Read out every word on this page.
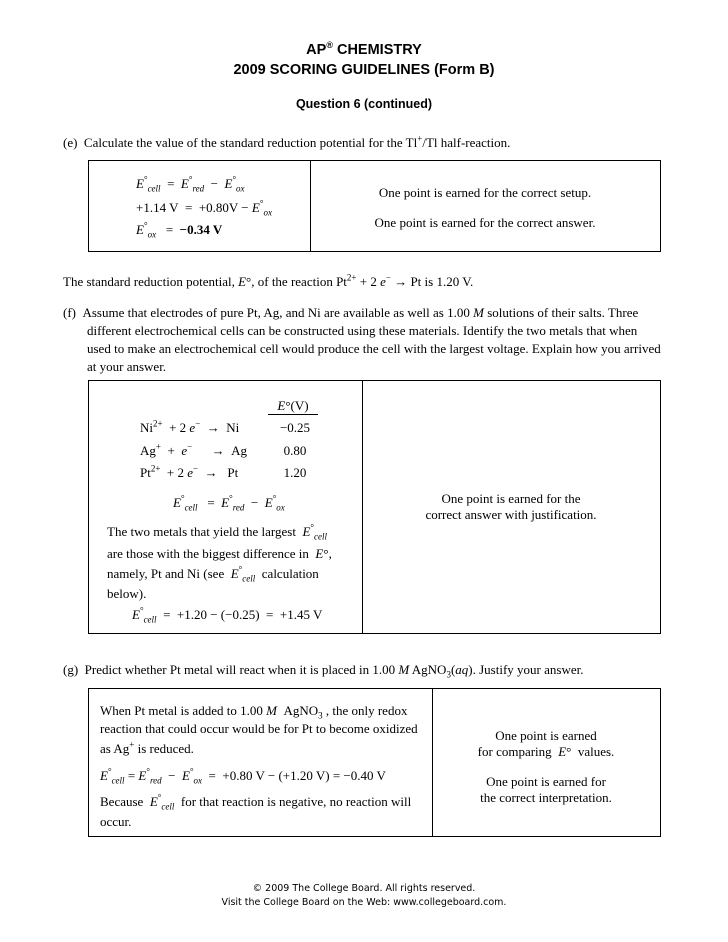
AP® CHEMISTRY
2009 SCORING GUIDELINES (Form B)
Question 6 (continued)
(e)  Calculate the value of the standard reduction potential for the Tl+/Tl half-reaction.
$E^\circ_{cell} = E^\circ_{red} - E^\circ_{ox}$
+1.14 $V = +0.80V - E^\circ_{ox}$
$E^\circ_{ox} = -0.34$ V
One point is earned for the correct setup.
One point is earned for the correct answer.
The standard reduction potential, E°, of the reaction $Pt^{2+} + 2$ e− → Pt is 1.20 V.
(f)  Assume that electrodes of pure Pt, Ag, and Ni are available as well as 1.00 M solutions of their salts. Three
different electrochemical cells can be constructed using these materials. Identify the two metals that when
used to make an electrochemical cell would produce the cell with the largest voltage. Explain how you arrived
at your answer.
E°(V)
$Ni^{2+} + 2$ e−  →  Ni	−0.25
Ag+  +  e−      →  Ag	0.80
$Pt^{2+} + 2$ e−  →   Pt	1.20
$E^\circ_{cell} = E^\circ_{red} - E^\circ_{ox}$
The two metals that yield the largest  $E^\circ_{cell}$
are those with the biggest difference in  E°,
namely, Pt and Ni (see  $E^\circ_{cell}$  calculation
below).
$E^\circ_{cell} = +1.20 - (-0.25) = +1.45$ V
One point is earned for the
correct answer with justification.
(g)  Predict whether Pt metal will react when it is placed in 1.00 M AgNO$_3$(aq). Justify your answer.
When Pt metal is added to 1.00 M  AgNO$_3$ , the only redox
reaction that could occur would be for Pt to become oxidized
as Ag+ is reduced.
$E^\circ_{cell} = E^\circ_{red} - E^\circ_{ox} = +0.80$ V − (+1.20 V) = −0.40 V
Because  $E^\circ_{cell}$  for that reaction is negative, no reaction will
occur.
One point is earned
for comparing  E°  values.
One point is earned for
the correct interpretation.
© 2009 The College Board. All rights reserved.
Visit the College Board on the Web: www.collegeboard.com.
